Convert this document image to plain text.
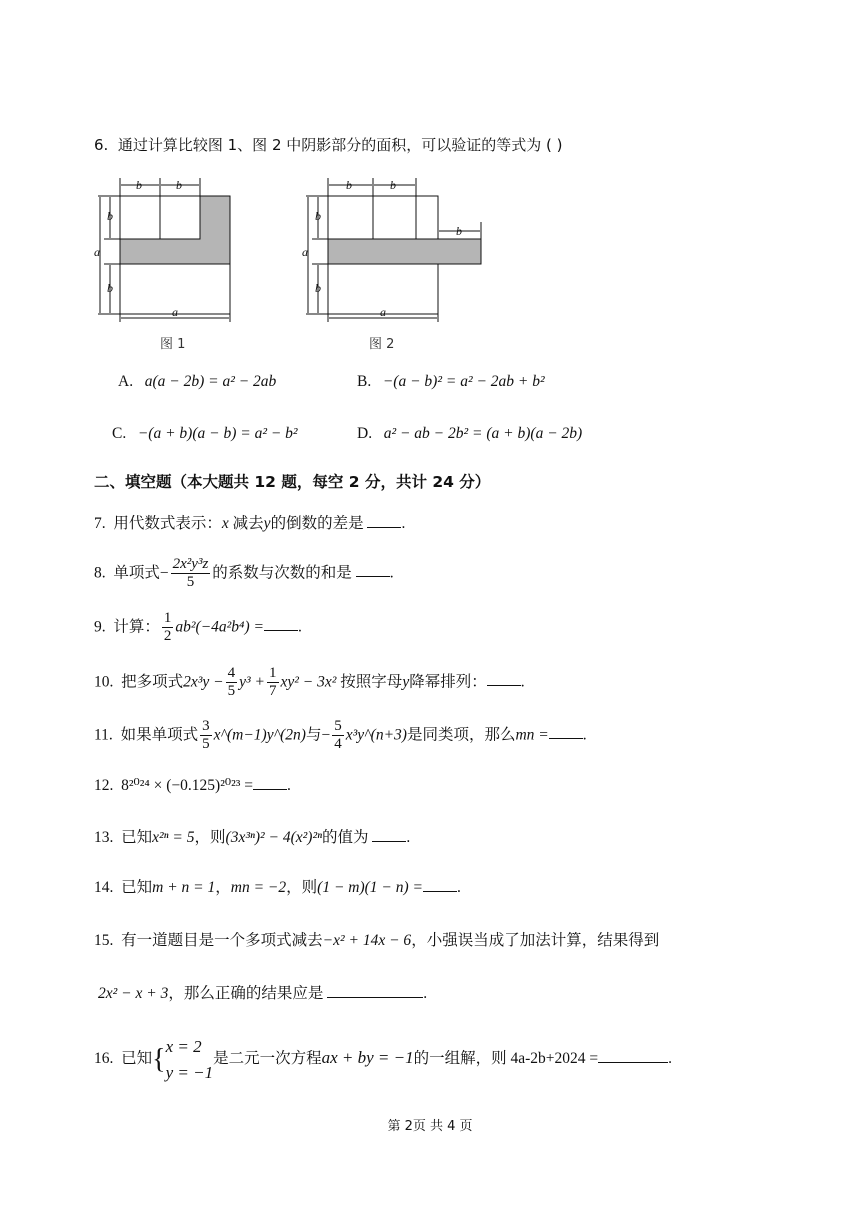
6. 通过计算比较图 1、图 2 中阴影部分的面积，可以验证的等式为 ( )
b	b
a
b
b
a
图 1
b	b
b
a
b
b
a
图 2
A. a(a − 2b) = a² − 2ab	B. −(a − b)² = a² − 2ab + b²
C. −(a + b)(a − b) = a² − b²	D. a² − ab − 2b² = (a + b)(a − 2b)
二、填空题（本大题共 12 题，每空 2 分，共计 24 分）
7. 用代数式表示：x 减去y的倒数的差是 .
8. 单项式− $\frac{\text{2x²y³z}}{5}$ 的系数与次数的和是 .
9. 计算： $\frac{1}{2} ab^2(-4a^2b^4)$ = .
10. 把多项式$2x^3y - \frac{4}{5} y^3 + \frac{1}{7} xy^2 - 3x^2$ 按照字母y降幂排列： .
11. 如果单项式 $\frac{3}{5}$ x^(m−1)y^(2n)与− $\frac{5}{4}$ x³y^(n+3)是同类项，那么mn = .
12. 8²⁰²⁴ × (−0.125)²⁰²³ = .
13. 已知x²ⁿ = 5，则(3x³ⁿ)² − 4(x²)²ⁿ的值为 .
14. 已知m + n = 1，mn = −2，则(1 − m)(1 − n) = .
15. 有一道题目是一个多项式减去−x² + 14x − 6，小强误当成了加法计算，结果得到
2x² − x + 3，那么正确的结果应是	.
16. 已知{ x = 2
y = −1
是二元一次方程ax + by = −1的一组解，则 4a-2b+2024 =	.
第 2页 共 4 页
